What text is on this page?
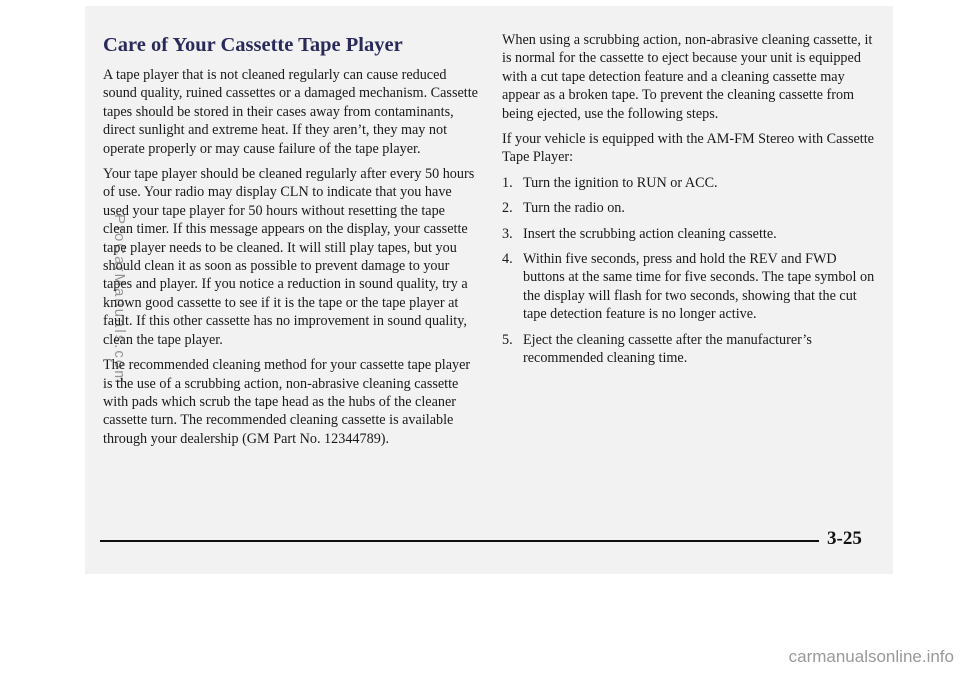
Care of Your Cassette Tape Player

A tape player that is not cleaned regularly can cause reduced sound quality, ruined cassettes or a damaged mechanism. Cassette tapes should be stored in their cases away from contaminants, direct sunlight and extreme heat. If they aren’t, they may not operate properly or may cause failure of the tape player.

Your tape player should be cleaned regularly after every 50 hours of use. Your radio may display CLN to indicate that you have used your tape player for 50 hours without resetting the tape clean timer. If this message appears on the display, your cassette tape player needs to be cleaned. It will still play tapes, but you should clean it as soon as possible to prevent damage to your tapes and player. If you notice a reduction in sound quality, try a known good cassette to see if it is the tape or the tape player at fault. If this other cassette has no improvement in sound quality, clean the tape player.

The recommended cleaning method for your cassette tape player is the use of a scrubbing action, non-abrasive cleaning cassette with pads which scrub the tape head as the hubs of the cleaner cassette turn. The recommended cleaning cassette is available through your dealership (GM Part No. 12344789).

When using a scrubbing action, non-abrasive cleaning cassette, it is normal for the cassette to eject because your unit is equipped with a cut tape detection feature and a cleaning cassette may appear as a broken tape. To prevent the cleaning cassette from being ejected, use the following steps.

If your vehicle is equipped with the AM-FM Stereo with Cassette Tape Player:

1. Turn the ignition to RUN or ACC.
2. Turn the radio on.
3. Insert the scrubbing action cleaning cassette.
4. Within five seconds, press and hold the REV and FWD buttons at the same time for five seconds. The tape symbol on the display will flash for two seconds, showing that the cut tape detection feature is no longer active.
5. Eject the cleaning cassette after the manufacturer’s recommended cleaning time.
3-25
ProCarManuals.com
carmanualsonline.info
